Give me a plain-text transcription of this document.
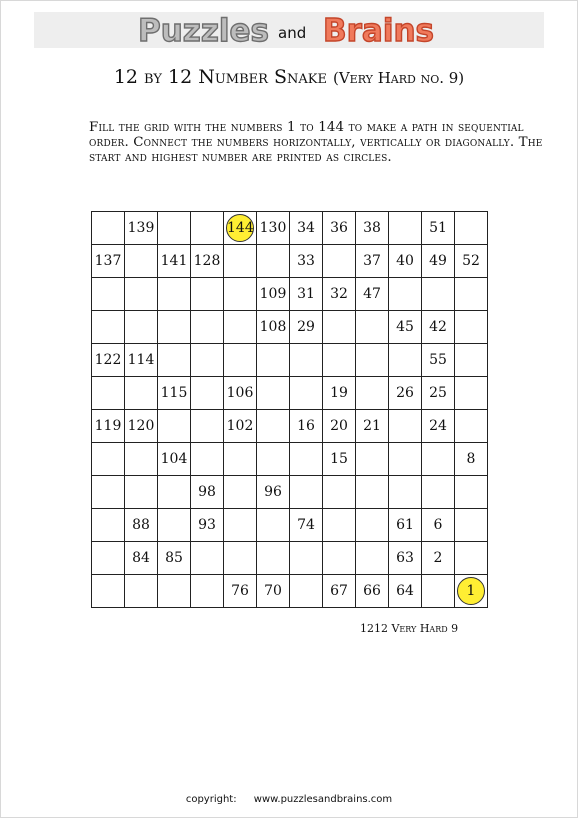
Puzzles and Brains
12 by 12 Number Snake (Very Hard no. 9)
Fill the grid with the numbers 1 to 144 to make a path in sequential order. Connect the numbers horizontally, vertically or diagonally. The start and highest number are printed as circles.
	139			144	130	34	36	38		51	
137		141	128			33		37	40	49	52
					109	31	32	47			
					108	29			45	42	
122	114									55	
		115		106			19		26	25	
119	120			102		16	20	21		24	
		104					15				8
			98		96						
	88		93			74			61	6	
	84	85							63	2	
				76	70		67	66	64		1
1212 Very Hard 9
copyright: www.puzzlesandbrains.com
